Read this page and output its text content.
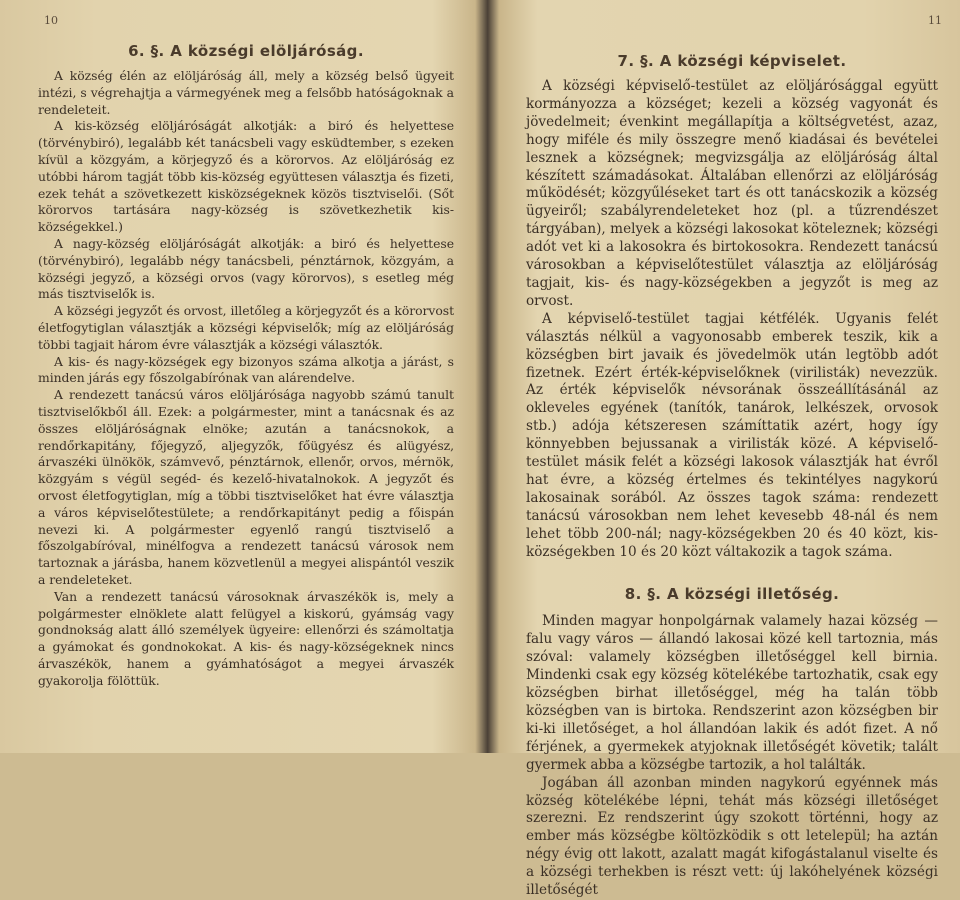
10
6. §. A községi elöljáróság.

A község élén az elöljáróság áll, mely a község belső ügyeit intézi, s végrehajtja a vármegyének meg a felsőbb hatóságoknak a rendeleteit.

A kis-község elöljáróságát alkotják: a biró és helyettese (törvénybiró), legalább két tanácsbeli vagy esküdtember, s ezeken kívül a közgyám, a körjegyző és a körorvos. Az elöljáróság ez utóbbi három tagját több kis-község együttesen választja és fizeti, ezek tehát a szövetkezett kisközségeknek közös tisztviselői. (Sőt körorvos tartására nagy-község is szövetkezhetik kis-községekkel.)

A nagy-község elöljáróságát alkotják: a biró és helyettese (törvénybiró), legalább négy tanácsbeli, pénztárnok, közgyám, a községi jegyző, a községi orvos (vagy körorvos), s esetleg még más tisztviselők is.

A községi jegyzőt és orvost, illetőleg a körjegyzőt és a körorvost életfogytiglan választják a községi képviselők; míg az elöljáróság többi tagjait három évre választják a községi választók.

A kis- és nagy-községek egy bizonyos száma alkotja a járást, s minden járás egy főszolgabírónak van alárendelve.

A rendezett tanácsú város elöljárósága nagyobb számú tanult tisztviselőkből áll. Ezek: a polgármester, mint a tanácsnak és az összes elöljáróságnak elnöke; azután a tanácsnokok, a rendőrkapitány, főjegyző, aljegyzők, főügyész és alügyész, árvaszéki ülnökök, számvevő, pénztárnok, ellenőr, orvos, mérnök, közgyám s végül segéd- és kezelő-hivatalnokok. A jegyzőt és orvost életfogytiglan, míg a többi tisztviselőket hat évre választja a város képviselőtestülete; a rendőrkapitányt pedig a főispán nevezi ki. A polgármester egyenlő rangú tisztviselő a főszolgabíróval, minélfogva a rendezett tanácsú városok nem tartoznak a járásba, hanem közvetlenül a megyei alispántól veszik a rendeleteket.

Van a rendezett tanácsú városoknak árvaszékök is, mely a polgármester elnöklete alatt felügyel a kiskorú, gyámság vagy gondnokság alatt álló személyek ügyeire: ellenőrzi és számoltatja a gyámokat és gondnokokat. A kis- és nagy-községeknek nincs árvaszékök, hanem a gyámhatóságot a megyei árvaszék gyakorolja fölöttük.

11
7. §. A községi képviselet.

A községi képviselő-testület az elöljárósággal együtt kormányozza a községet; kezeli a község vagyonát és jövedelmeit; évenkint megállapítja a költségvetést, azaz, hogy miféle és mily összegre menő kiadásai és bevételei lesznek a községnek; megvizsgálja az elöljáróság által készített számadásokat. Általában ellenőrzi az elöljáróság működését; közgyűléseket tart és ott tanácskozik a község ügyeiről; szabályrendeleteket hoz (pl. a tűzrendészet tárgyában), melyek a községi lakosokat köteleznek; községi adót vet ki a lakosokra és birtokosokra. Rendezett tanácsú városokban a képviselőtestület választja az elöljáróság tagjait, kis- és nagy-községekben a jegyzőt is meg az orvost.

A képviselő-testület tagjai kétfélék. Ugyanis felét választás nélkül a vagyonosabb emberek teszik, kik a községben birt javaik és jövedelmök után legtöbb adót fizetnek. Ezért érték-képviselőknek (virilisták) nevezzük. Az érték képviselők névsorának összeállításánál az okleveles egyének (tanítók, tanárok, lelkészek, orvosok stb.) adója kétszeresen számíttatik azért, hogy így könnyebben bejussanak a virilisták közé. A képviselő-testület másik felét a községi lakosok választják hat évről hat évre, a község értelmes és tekintélyes nagykorú lakosainak sorából. Az összes tagok száma: rendezett tanácsú városokban nem lehet kevesebb 48-nál és nem lehet több 200-nál; nagy-községekben 20 és 40 közt, kis-községekben 10 és 20 közt váltakozik a tagok száma.

8. §. A községi illetőség.

Minden magyar honpolgárnak valamely hazai község — falu vagy város — állandó lakosai közé kell tartoznia, más szóval: valamely községben illetőséggel kell birnia. Mindenki csak egy község kötelékébe tartozhatik, csak egy községben birhat illetőséggel, még ha talán több községben van is birtoka. Rendszerint azon községben bir ki-ki illetőséget, a hol állandóan lakik és adót fizet. A nő férjének, a gyermekek atyjoknak illetőségét követik; talált gyermek abba a községbe tartozik, a hol találták.

Jogában áll azonban minden nagykorú egyénnek más község kötelékébe lépni, tehát más községi illetőséget szerezni. Ez rendszerint úgy szokott történni, hogy az ember más községbe költözködik s ott letelepül; ha aztán négy évig ott lakott, azalatt magát kifogástalanul viselte és a községi terhekben is részt vett: új lakóhelyének községi illetőségét
